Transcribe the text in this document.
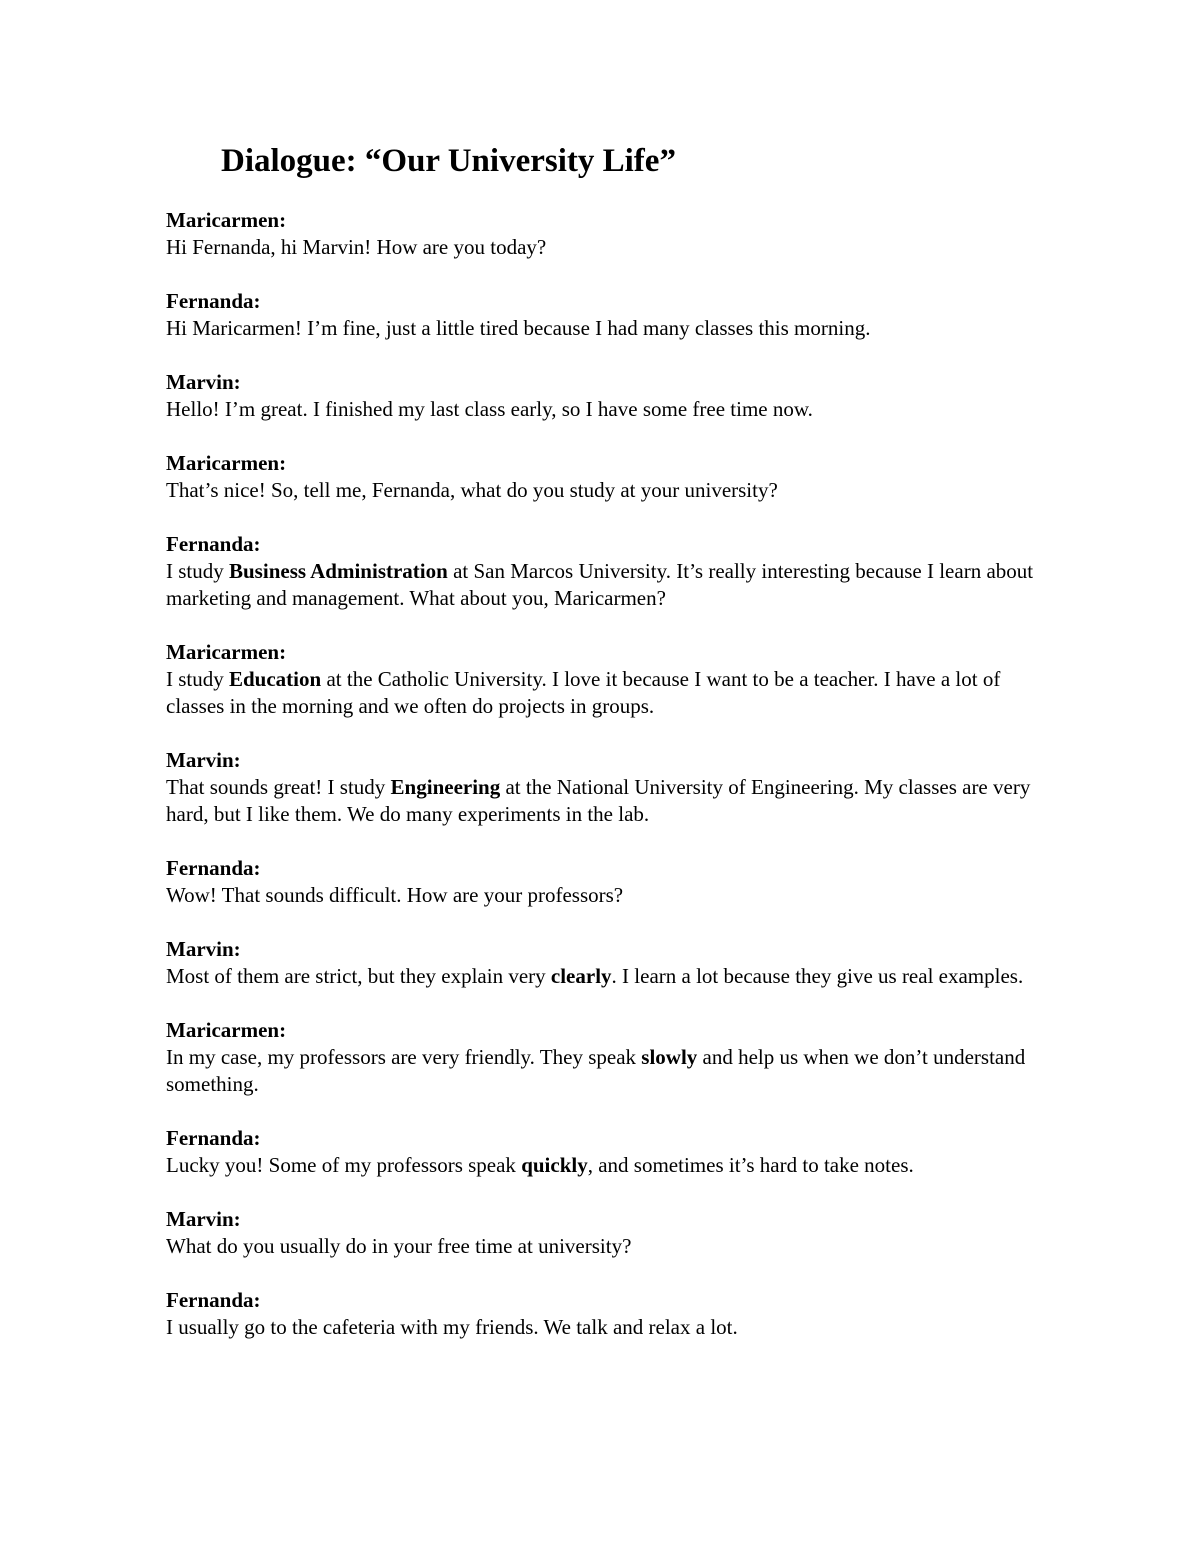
Dialogue: “Our University Life”

Maricarmen:

Hi Fernanda, hi Marvin! How are you today?

Fernanda:

Hi Maricarmen! I’m fine, just a little tired because I had many classes this morning.

Marvin:

Hello! I’m great. I finished my last class early, so I have some free time now.

Maricarmen:

That’s nice! So, tell me, Fernanda, what do you study at your university?

Fernanda:

I study Business Administration at San Marcos University. It’s really interesting because I learn about marketing and management. What about you, Maricarmen?

Maricarmen:

I study Education at the Catholic University. I love it because I want to be a teacher. I have a lot of classes in the morning and we often do projects in groups.

Marvin:

That sounds great! I study Engineering at the National University of Engineering. My classes are very hard, but I like them. We do many experiments in the lab.

Fernanda:

Wow! That sounds difficult. How are your professors?

Marvin:

Most of them are strict, but they explain very clearly. I learn a lot because they give us real examples.

Maricarmen:

In my case, my professors are very friendly. They speak slowly and help us when we don’t understand something.

Fernanda:

Lucky you! Some of my professors speak quickly, and sometimes it’s hard to take notes.

Marvin:

What do you usually do in your free time at university?

Fernanda:

I usually go to the cafeteria with my friends. We talk and relax a lot.
